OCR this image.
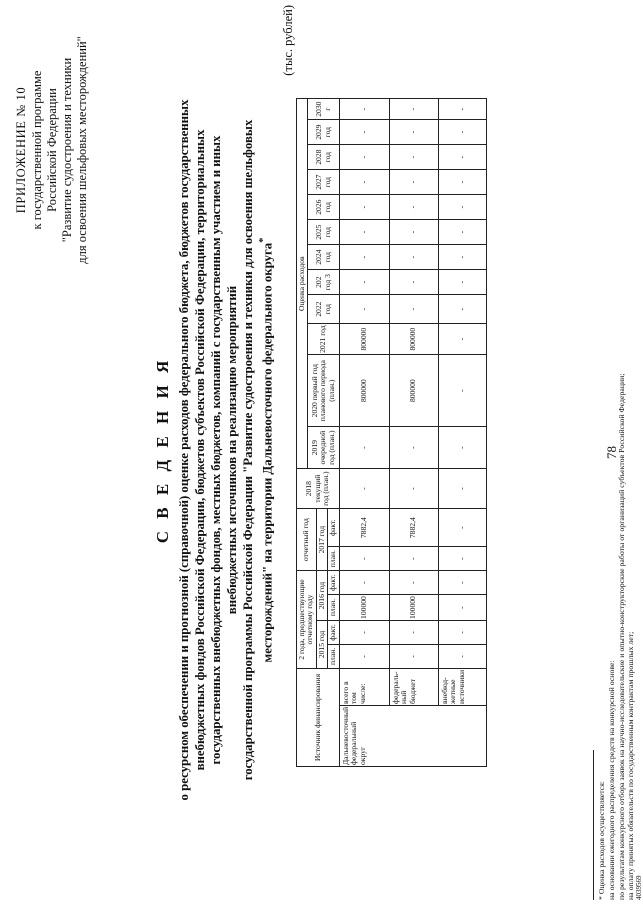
78
ПРИЛОЖЕНИЕ № 10 к государственной программе Российской Федерации "Развитие судостроения и техники для освоения шельфовых месторождений"
С В Е Д Е Н И Я о ресурсном обеспечении и прогнозной (справочной) оценке расходов федерального бюджета, бюджетов государственных внебюджетных фондов Российской Федерации, бюджетов субъектов Российской Федерации, территориальных государственных внебюджетных фондов, местных бюджетов, компаний с государственным участием и иных внебюджетных источников на реализацию мероприятий государственной программы Российской Федерации "Развитие судостроения и техники для освоения шельфовых месторождений" на территории Дальневосточного федерального округа*
(тыс. рублей)
Источник финансирования		2 года, предшествующие отчетному году				отчетный год		2018 текущий год (план.)	Оценка расходов											
									2019 очередной год (план.)	2020 первый год планового периода (план.)	2021 год	2022 год	202 год 3	2024 год	2025 год	2026 год	2027 год	2028 год	2029 год	2030 г
		2015 год		2016 год		2017 год														
		план.	факт.	план.	факт.	план.	факт.													
Дальневосточный федеральный округ	всего в том числе:	-	-	100000	-	-	7882,4	-	-	800000	800000	-	-	-	-	-	-	-	-	-
	федераль-ный бюджет	-	-	100000	-	-	7882,4	-	-	800000	800000	-	-	-	-	-	-	-	-	-
	внебюд-жетные источники	-	-	-	-	-	-	-	-	-	-	-	-	-	-	-	-	-	-	-
* Оценка расходов осуществляется: на основании ежегодного распределения средств на конкурсной основе: по результатам конкурсного отбора заявок на научно-исследовательские и опытно-конструкторские работы от организаций субъектов Российской Федерации; на оплату принятых обязательств по государственным контрактам прошлых лет; 4039569
